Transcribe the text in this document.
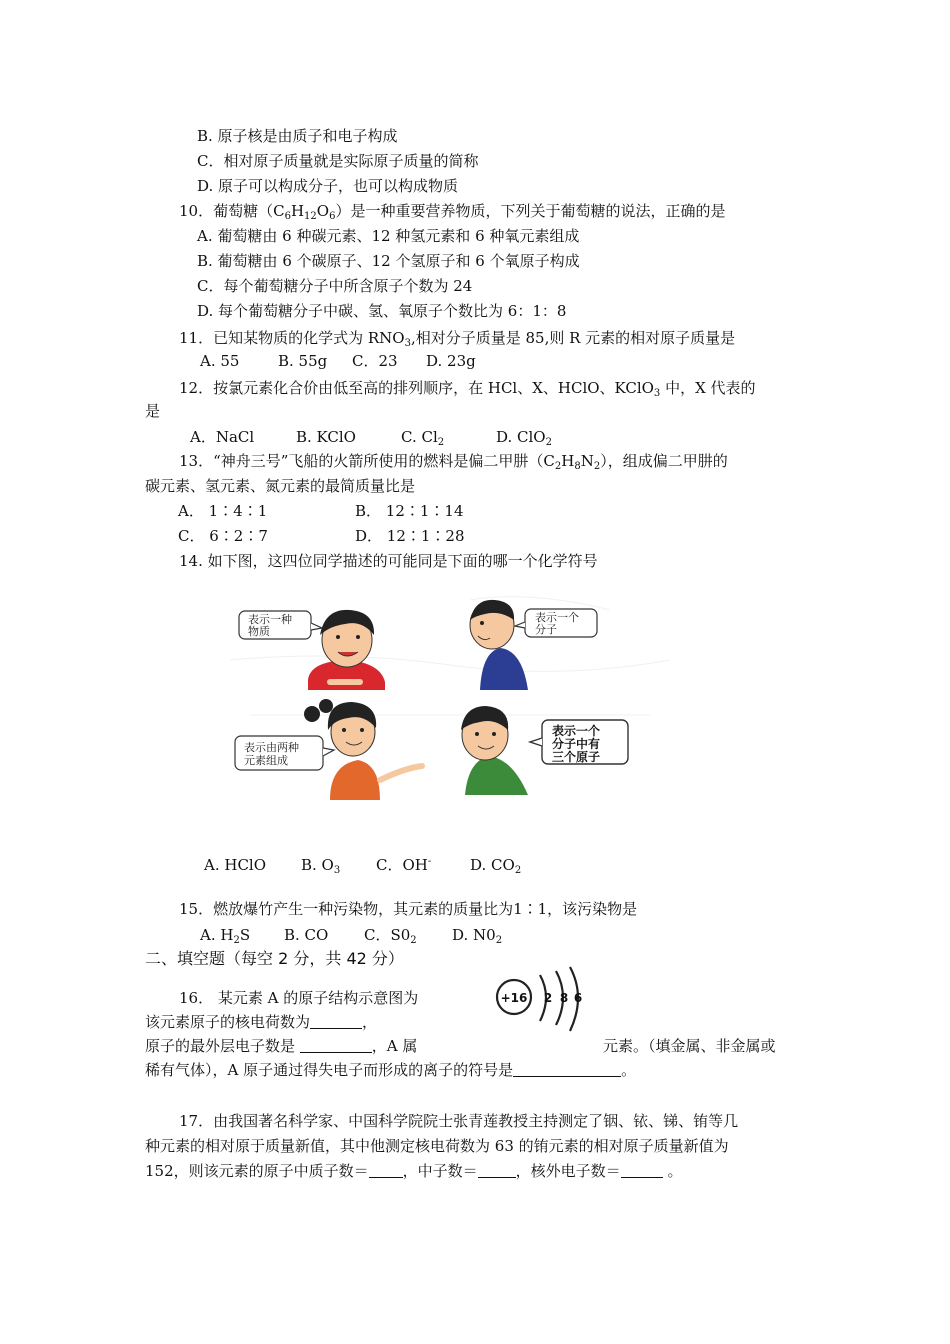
B. 原子核是由质子和电子构成
C．相对原子质量就是实际原子质量的简称
D. 原子可以构成分子，也可以构成物质
10．葡萄糖$(C_6H_{12}O_6)$是一种重要营养物质，下列关于葡萄糖的说法，正确的是
A. 葡萄糖由 6 种碳元素、12 种氢元素和 6 种氧元素组成
B. 葡萄糖由 6 个碳原子、12 个氢原子和 6 个氧原子构成
C．每个葡萄糖分子中所含原子个数为 24
D. 每个葡萄糖分子中碳、氢、氧原子个数比为 6：1：8
11．已知某物质的化学式为 $RNO_3$,相对分子质量是 85,则 R 元素的相对原子质量是
A. 55	B. 55g C．23 D. 23g
12．按氯元素化合价由低至高的排列顺序，在 HCl、X、HClO、KClO$_3$ 中，X 代表的
是
A．NaCl	B. KClO	C. $Cl_2$	D. ClO$_2$
13．“神舟三号”飞船的火箭所使用的燃料是偏二甲肼$(C_2H_8N_2)$，组成偏二甲肼的
碳元素、氢元素、氮元素的最简质量比是
A． 1∶4∶1	B． 12∶1∶14
C． 6∶2∶7	D． 12∶1∶28
14. 如下图，这四位同学描述的可能同是下面的哪一个化学符号
表示一种
物质
表示一个
分子
表示由两种
元素组成
表示一个
分子中有
三个原子
A. HClO B. $O_3$ C．OH-	D. $CO_2$
15．燃放爆竹产生一种污染物，其元素的质量比为1∶1，该污染物是
A. $H_2S$ B. CO C．$S0_2$ D. $N0_2$
二、填空题（每空 2 分，共 42 分）
16． 某元素 A 的原子结构示意图为	+16 2 8 6
该元素原子的核电荷数为	，
原子的最外层电子数是	，A 属	元素。（填金属、非金属或
稀有气体），A 原子通过得失电子而形成的离子的符号是	。
17．由我国著名科学家、中国科学院院士张青莲教授主持测定了铟、铱、锑、铕等几
种元素的相对原于质量新值，其中他测定核电荷数为 63 的铕元素的相对原子质量新值为
152，则该元素的原子中质子数＝ ，中子数＝	，核外电子数＝	。
